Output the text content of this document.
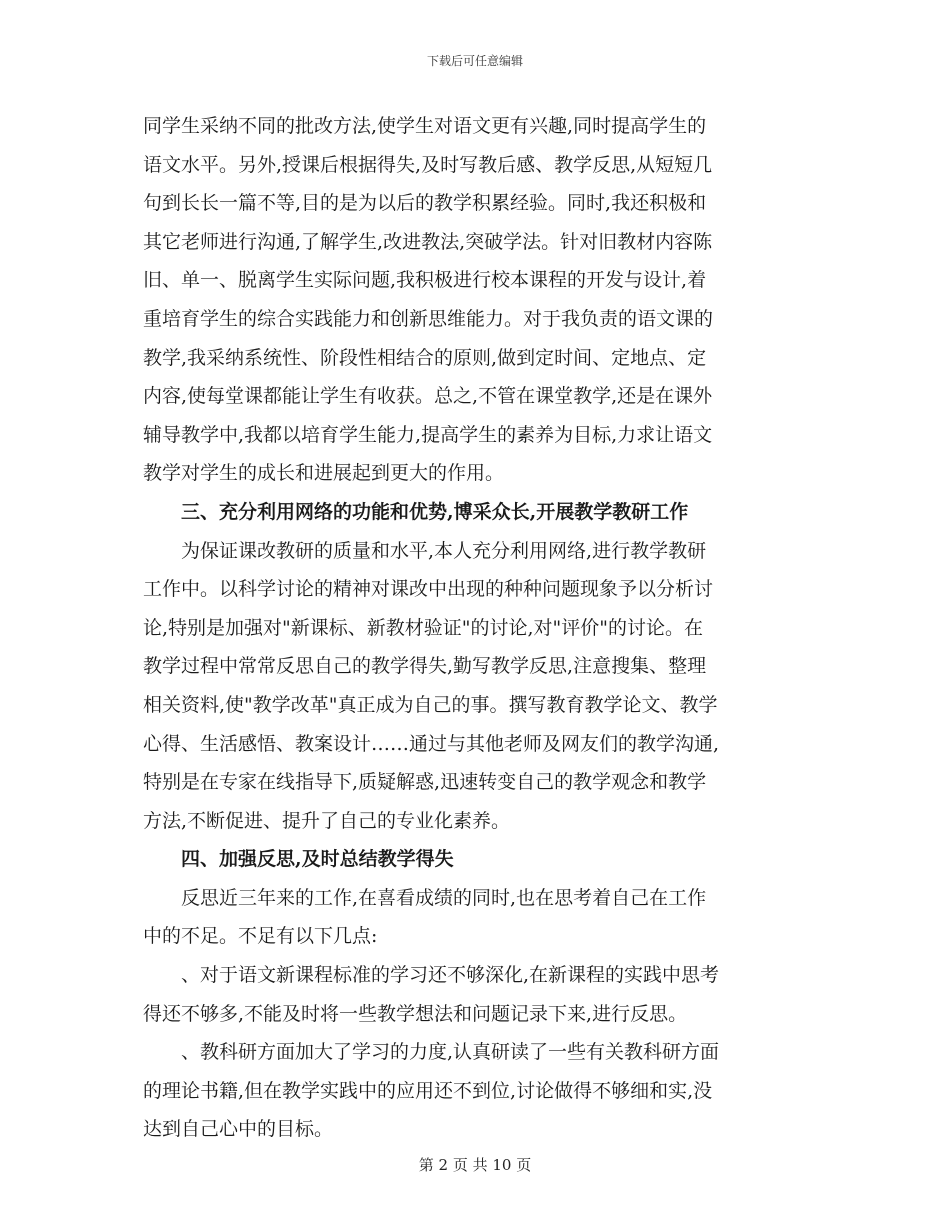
下载后可任意编辑
同学生采纳不同的批改方法,使学生对语文更有兴趣,同时提高学生的
语文水平。另外,授课后根据得失,及时写教后感、教学反思,从短短几
句到长长一篇不等,目的是为以后的教学积累经验。同时,我还积极和
其它老师进行沟通,了解学生,改进教法,突破学法。针对旧教材内容陈
旧、单一、脱离学生实际问题,我积极进行校本课程的开发与设计,着
重培育学生的综合实践能力和创新思维能力。对于我负责的语文课的
教学,我采纳系统性、阶段性相结合的原则,做到定时间、定地点、定
内容,使每堂课都能让学生有收获。总之,不管在课堂教学,还是在课外
辅导教学中,我都以培育学生能力,提高学生的素养为目标,力求让语文
教学对学生的成长和进展起到更大的作用。
三、充分利用网络的功能和优势,博采众长,开展教学教研工作
为保证课改教研的质量和水平,本人充分利用网络,进行教学教研
工作中。以科学讨论的精神对课改中出现的种种问题现象予以分析讨
论,特别是加强对"新课标、新教材验证"的讨论,对"评价"的讨论。在
教学过程中常常反思自己的教学得失,勤写教学反思,注意搜集、整理
相关资料,使"教学改革"真正成为自己的事。撰写教育教学论文、教学
心得、生活感悟、教案设计……通过与其他老师及网友们的教学沟通,
特别是在专家在线指导下,质疑解惑,迅速转变自己的教学观念和教学
方法,不断促进、提升了自己的专业化素养。
四、加强反思,及时总结教学得失
反思近三年来的工作,在喜看成绩的同时,也在思考着自己在工作
中的不足。不足有以下几点:
、对于语文新课程标准的学习还不够深化,在新课程的实践中思考
得还不够多,不能及时将一些教学想法和问题记录下来,进行反思。
、教科研方面加大了学习的力度,认真研读了一些有关教科研方面
的理论书籍,但在教学实践中的应用还不到位,讨论做得不够细和实,没
达到自己心中的目标。
第 2 页 共 10 页
